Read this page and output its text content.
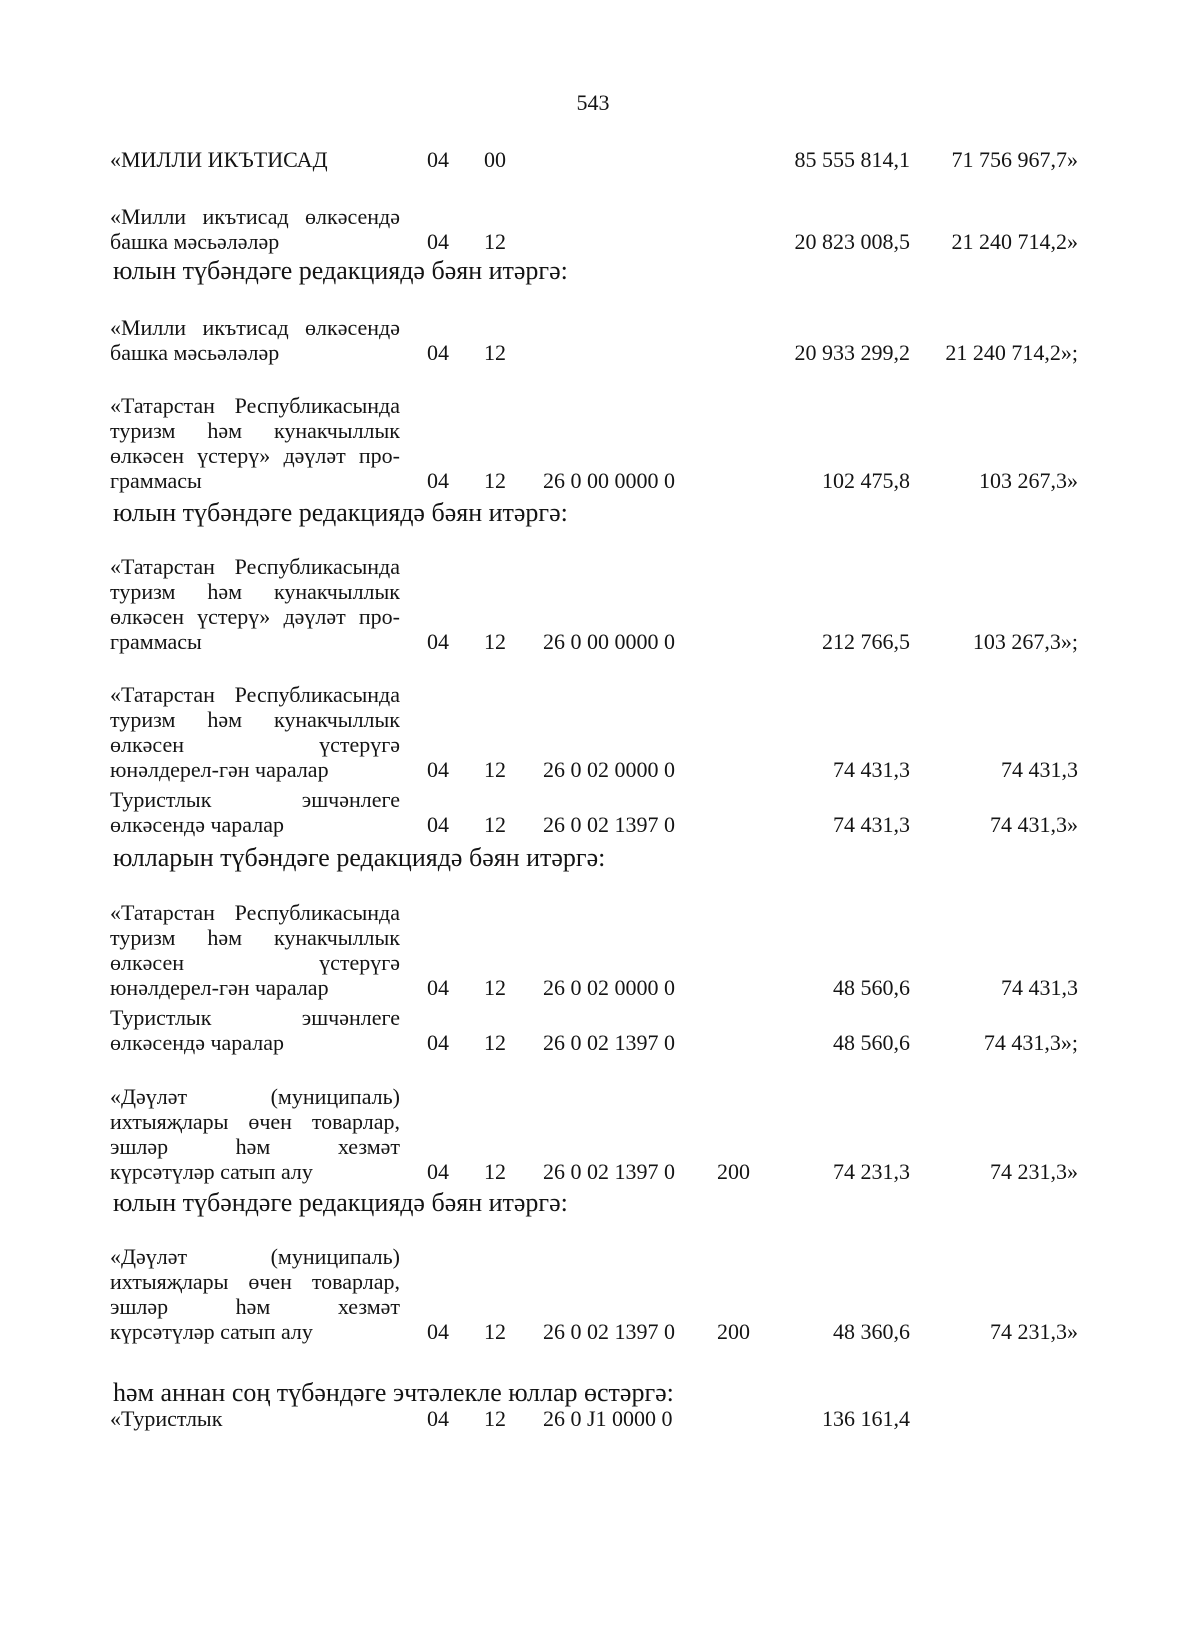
543
«МИЛЛИ ИКЪТИСАД	04 00	85 555 814,1	71 756 967,7»
«Милли икътисад өлкәсендә
башка мәсьәләләр	04 12	20 823 008,5	21 240 714,2»
юлын түбәндәге редакциядә бәян итәргә:
«Милли икътисад өлкәсендә
башка мәсьәләләр	04 12	20 933 299,2	21 240 714,2»;
«Татарстан Республикасында
туризм һәм кунакчыллык
өлкәсен үстерү» дәүләт про-
граммасы	04 12 26 0 00 0000 0	102 475,8	103 267,3»
юлын түбәндәге редакциядә бәян итәргә:
«Татарстан Республикасында
туризм һәм кунакчыллык
өлкәсен үстерү» дәүләт про-
граммасы	04 12 26 0 00 0000 0	212 766,5	103 267,3»;
«Татарстан Республикасында
туризм һәм кунакчыллык
өлкәсен үстерүгә
юнәлдерел-гән чаралар	04 12 26 0 02 0000 0	74 431,3	74 431,3
Туристлык эшчәнлеге
өлкәсендә чаралар	04 12 26 0 02 1397 0	74 431,3	74 431,3»
юлларын түбәндәге редакциядә бәян итәргә:
«Татарстан Республикасында
туризм һәм кунакчыллык
өлкәсен үстерүгә
юнәлдерел-гән чаралар	04 12 26 0 02 0000 0	48 560,6	74 431,3
Туристлык эшчәнлеге
өлкәсендә чаралар	04 12 26 0 02 1397 0	48 560,6	74 431,3»;
«Дәүләт (муниципаль)
ихтыяҗлары өчен товарлар,
эшләр һәм хезмәт
күрсәтүләр сатып алу	04 12 26 0 02 1397 0 200	74 231,3	74 231,3»
юлын түбәндәге редакциядә бәян итәргә:
«Дәүләт (муниципаль)
ихтыяҗлары өчен товарлар,
эшләр һәм хезмәт
күрсәтүләр сатып алу	04 12 26 0 02 1397 0 200	48 360,6	74 231,3»
һәм аннан соң түбәндәге эчтәлекле юллар өстәргә:
«Туристлык	04 12 26 0 J1 0000 0	136 161,4
